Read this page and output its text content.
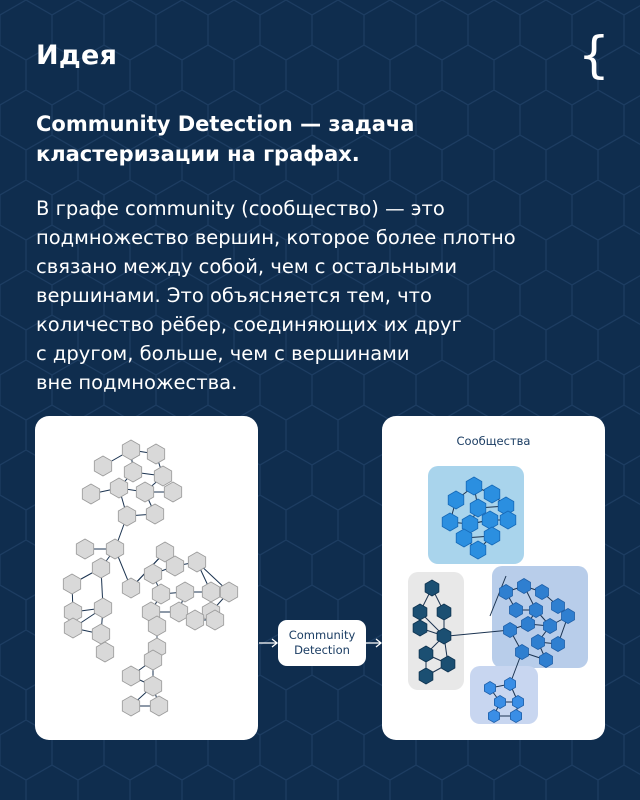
Идея	{
Community Detection — задача кластеризации на графах.
В графе community (сообщество) — это
подмножество вершин, которое более плотно
связано между собой, чем с остальными
вершинами. Это объясняется тем, что
количество рёбер, соединяющих их друг
с другом, больше, чем с вершинами
вне подмножества.
Community
Detection
Сообщества
